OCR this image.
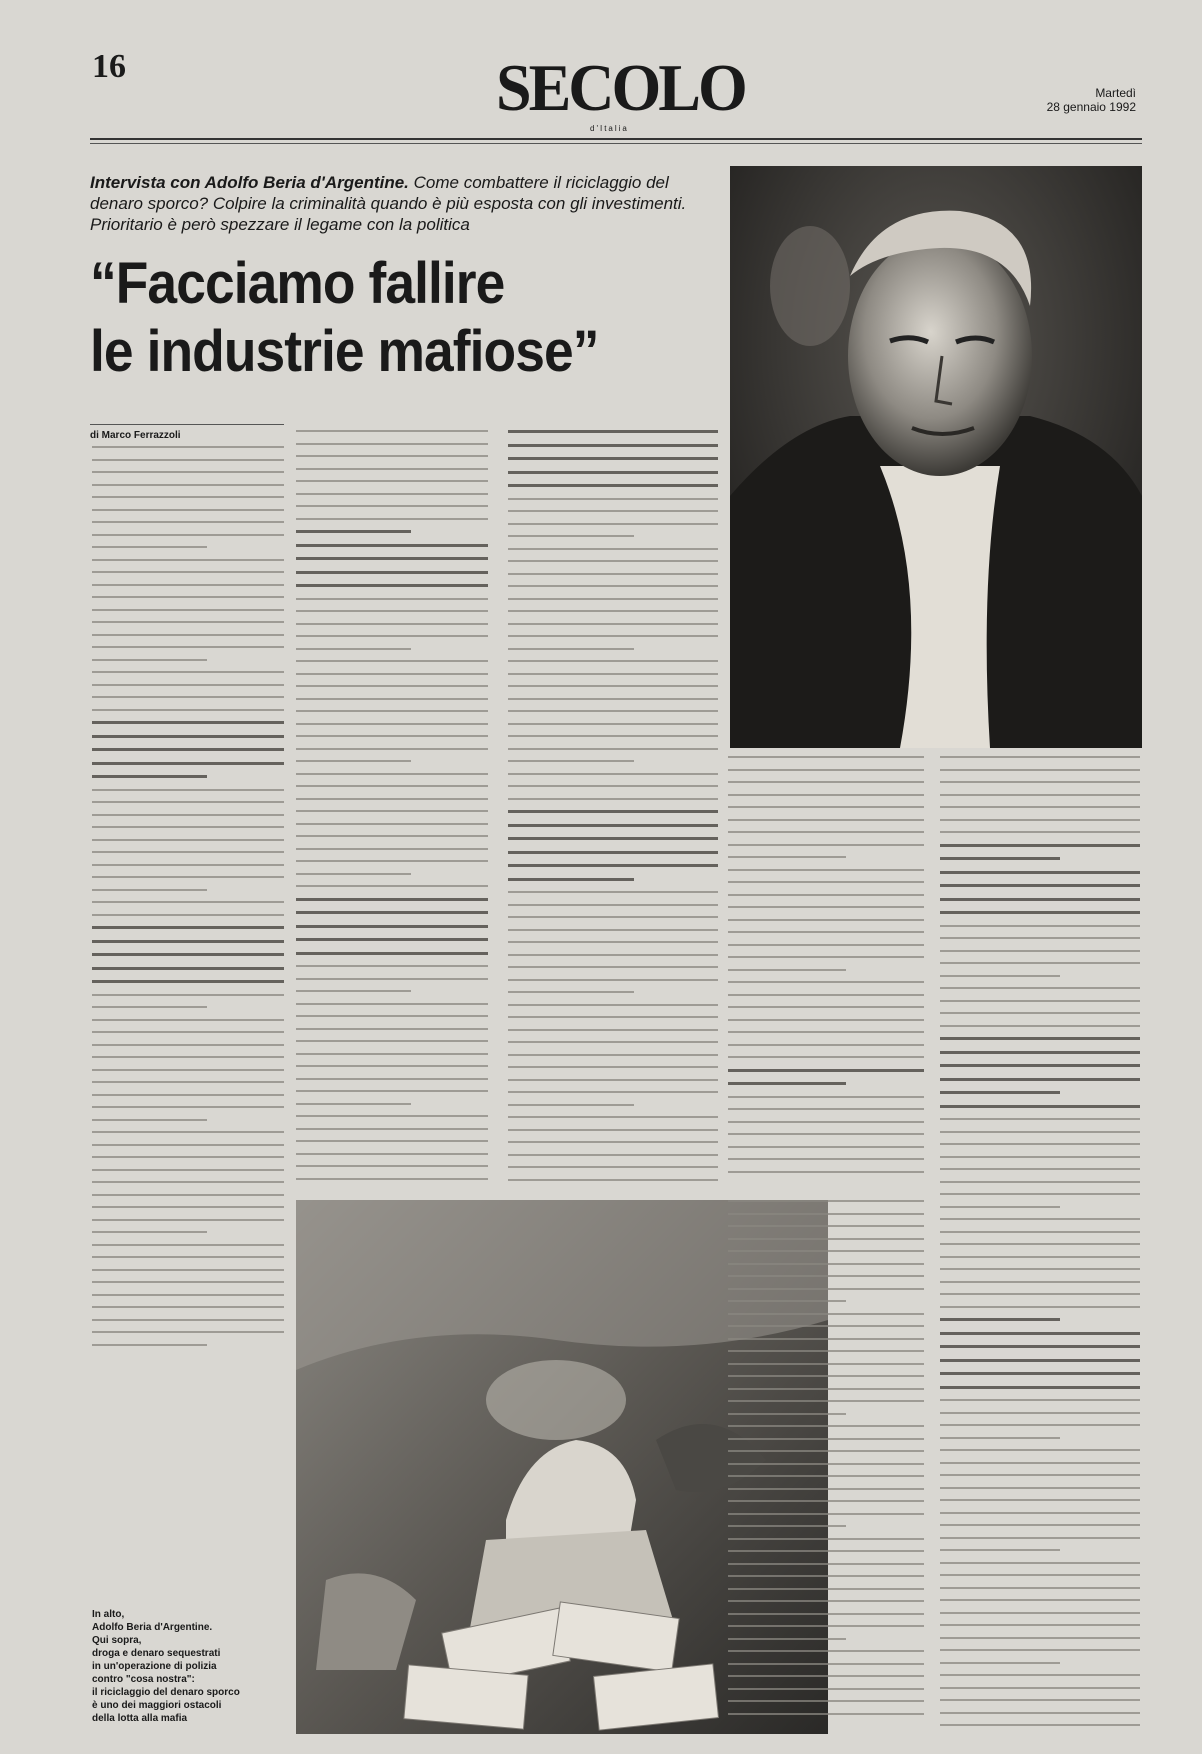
16	SECOLO
d'Italia
Martedì
28 gennaio 1992
Intervista con Adolfo Beria d'Argentine. Come combattere il riciclaggio del denaro sporco? Colpire la criminalità quando è più esposta con gli investimenti. Prioritario è però spezzare il legame con la politica
“Facciamo fallire
le industrie mafiose”
di Marco Ferrazzoli
In alto,
Adolfo Beria d'Argentine.
Qui sopra,
droga e denaro sequestrati
in un'operazione di polizia
contro "cosa nostra":
il riciclaggio del denaro sporco
è uno dei maggiori ostacoli
della lotta alla mafia
